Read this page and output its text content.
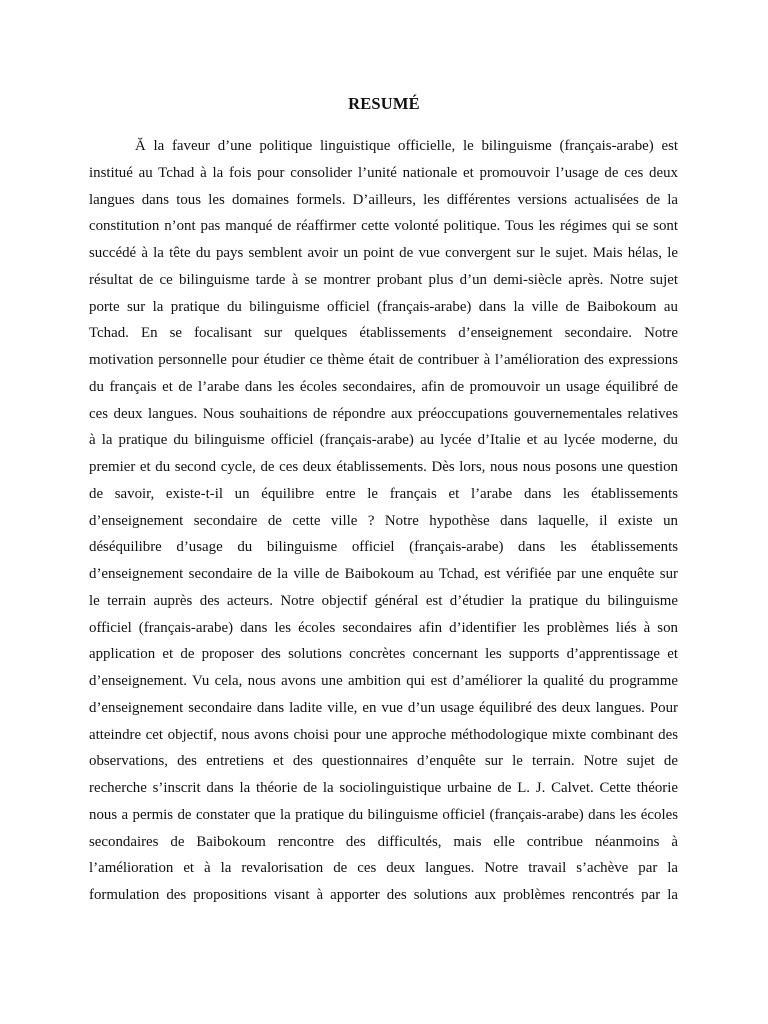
RESUMÉ
Ă la faveur d’une politique linguistique officielle, le bilinguisme (français-arabe) est
institué au Tchad à la fois pour consolider l’unité nationale et promouvoir l’usage de ces deux
langues dans tous les domaines formels. D’ailleurs, les différentes versions actualisées de la
constitution n’ont pas manqué de réaffirmer cette volonté politique. Tous les régimes qui se sont
succédé à la tête du pays semblent avoir un point de vue convergent sur le sujet. Mais hélas, le
résultat de ce bilinguisme tarde à se montrer probant plus d’un demi-siècle après. Notre sujet
porte sur la pratique du bilinguisme officiel (français-arabe) dans la ville de Baibokoum au
Tchad. En se focalisant sur quelques établissements d’enseignement secondaire. Notre
motivation personnelle pour étudier ce thème était de contribuer à l’amélioration des expressions
du français et de l’arabe dans les écoles secondaires, afin de promouvoir un usage équilibré de
ces deux langues. Nous souhaitions de répondre aux préoccupations gouvernementales relatives
à la pratique du bilinguisme officiel (français-arabe) au lycée d’Italie et au lycée moderne, du
premier et du second cycle, de ces deux établissements. Dès lors, nous nous posons une question
de savoir, existe-t-il un équilibre entre le français et l’arabe dans les établissements
d’enseignement secondaire de cette ville ? Notre hypothèse dans laquelle, il existe un
déséquilibre d’usage du bilinguisme officiel (français-arabe) dans les établissements
d’enseignement secondaire de la ville de Baibokoum au Tchad, est vérifiée par une enquête sur
le terrain auprès des acteurs. Notre objectif général est d’étudier la pratique du bilinguisme
officiel (français-arabe) dans les écoles secondaires afin d’identifier les problèmes liés à son
application et de proposer des solutions concrètes concernant les supports d’apprentissage et
d’enseignement. Vu cela, nous avons une ambition qui est d’améliorer la qualité du programme
d’enseignement secondaire dans ladite ville, en vue d’un usage équilibré des deux langues. Pour
atteindre cet objectif, nous avons choisi pour une approche méthodologique mixte combinant des
observations, des entretiens et des questionnaires d’enquête sur le terrain. Notre sujet de
recherche s’inscrit dans la théorie de la sociolinguistique urbaine de L. J. Calvet. Cette théorie
nous a permis de constater que la pratique du bilinguisme officiel (français-arabe) dans les écoles
secondaires de Baibokoum rencontre des difficultés, mais elle contribue néanmoins à
l’amélioration et à la revalorisation de ces deux langues. Notre travail s’achève par la
formulation des propositions visant à apporter des solutions aux problèmes rencontrés par la
